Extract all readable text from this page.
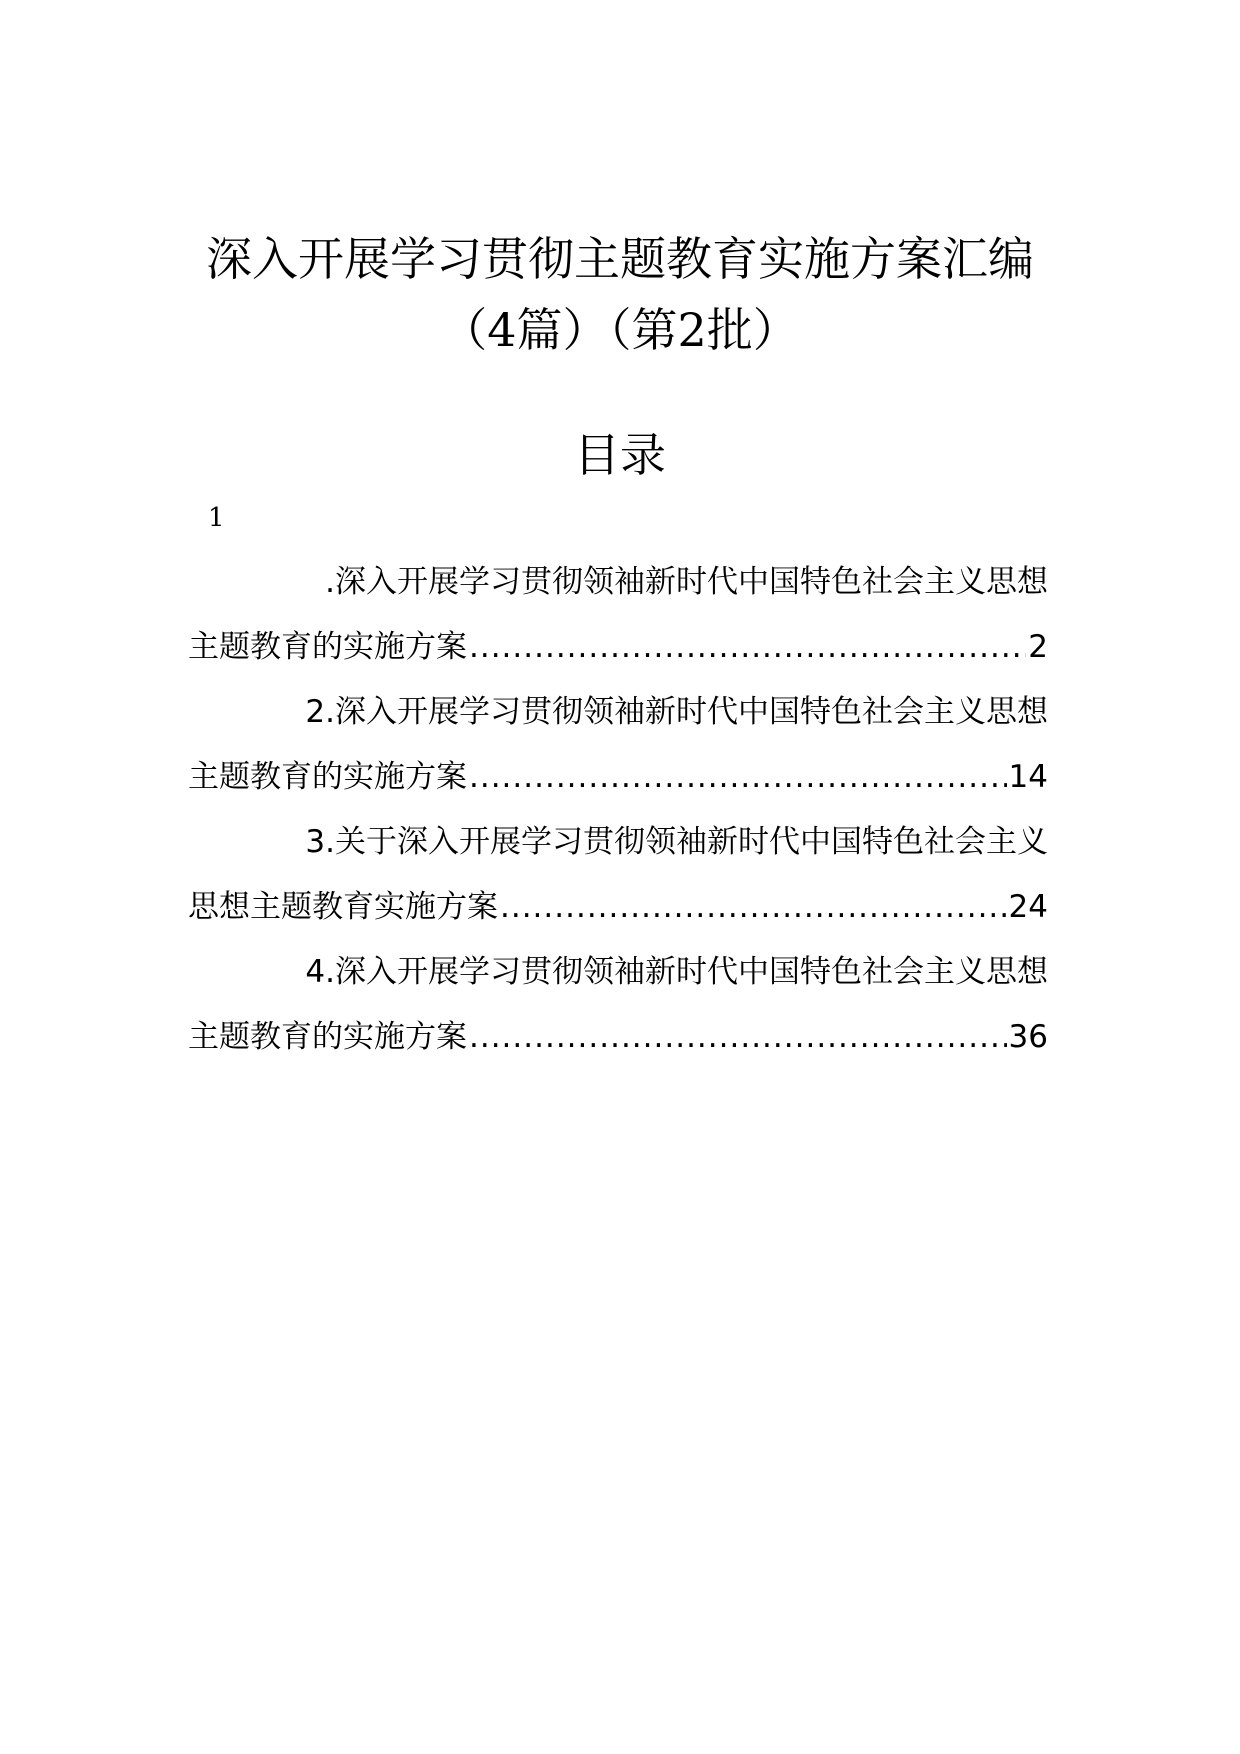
深入开展学习贯彻主题教育实施方案汇编
（4篇）（第2批）
目录
1
.深入开展学习贯彻领袖新时代中国特色社会主义思想
主题教育的实施方案 .....	2
2.深入开展学习贯彻领袖新时代中国特色社会主义思想
主题教育的实施方案 .....	14
3.关于深入开展学习贯彻领袖新时代中国特色社会主义
思想主题教育实施方案 .....	24
4.深入开展学习贯彻领袖新时代中国特色社会主义思想
主题教育的实施方案 .....	36
